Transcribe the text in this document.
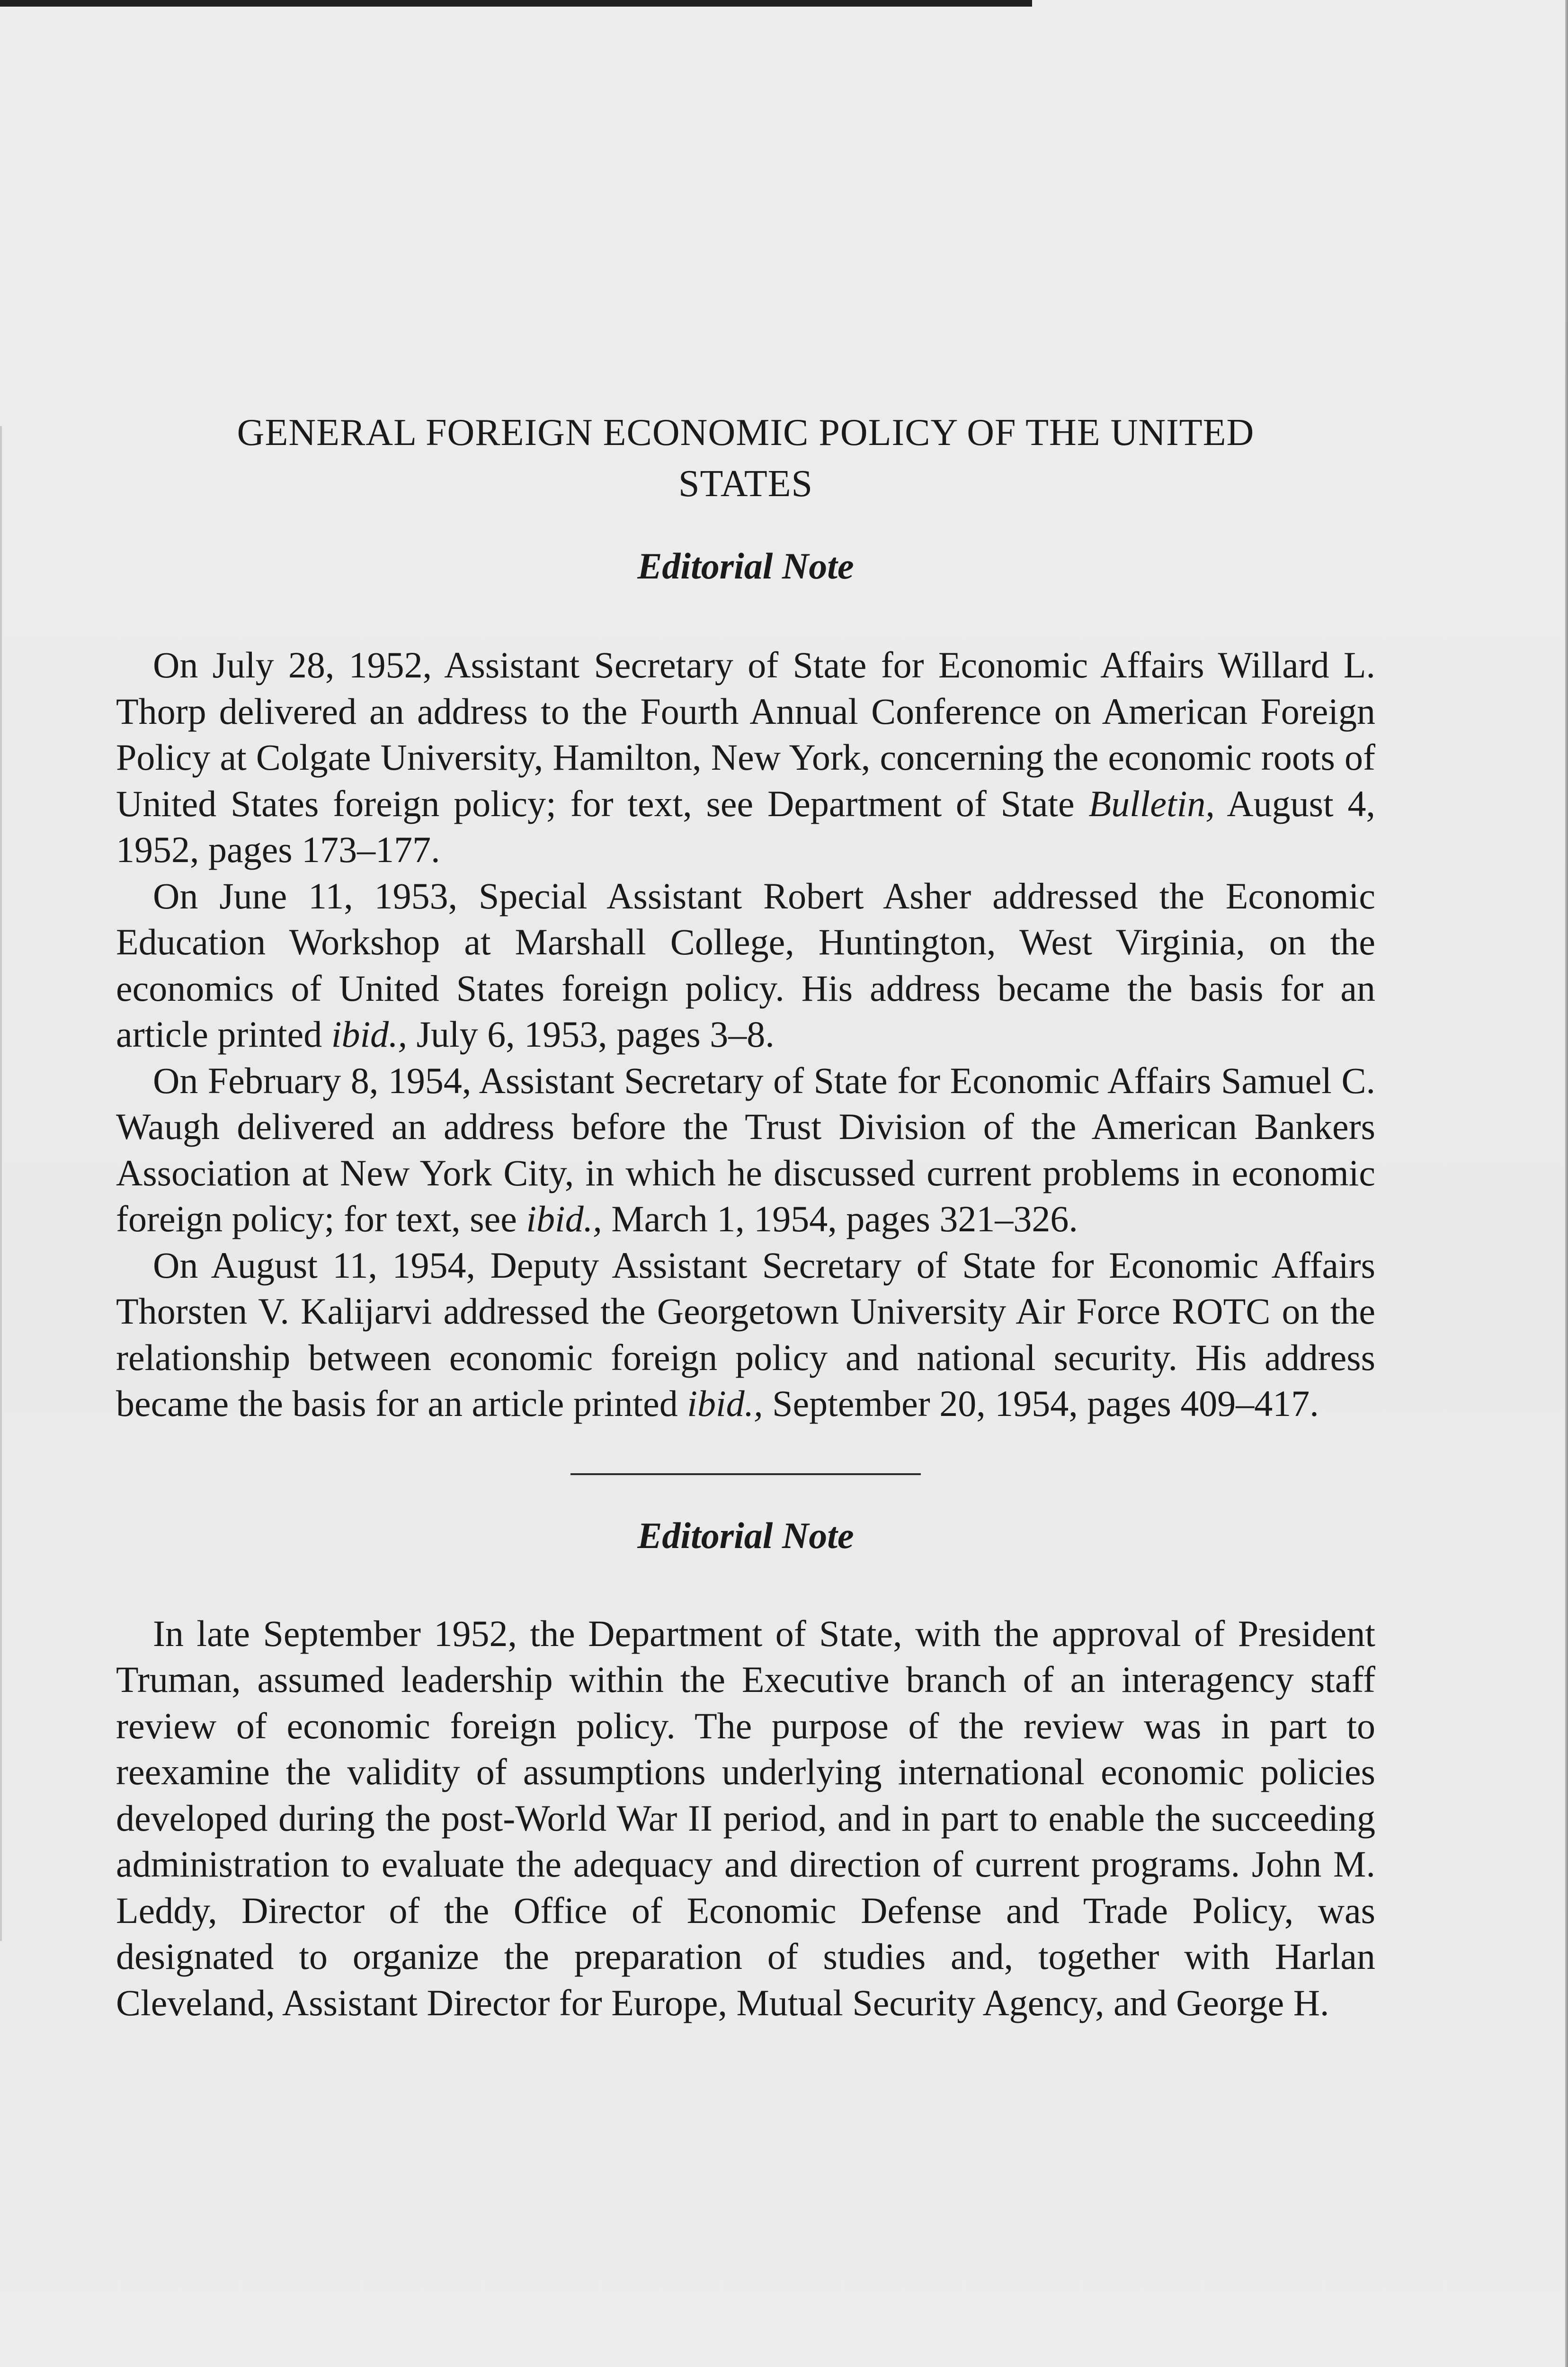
GENERAL FOREIGN ECONOMIC POLICY OF THE UNITED
STATES
Editorial Note

On July 28, 1952, Assistant Secretary of State for Economic Affairs Willard L. Thorp delivered an address to the Fourth Annual Conference on American Foreign Policy at Colgate University, Hamilton, New York, concerning the economic roots of United States foreign policy; for text, see Department of State Bulletin, August 4, 1952, pages 173–177.

On June 11, 1953, Special Assistant Robert Asher addressed the Economic Education Workshop at Marshall College, Huntington, West Virginia, on the economics of United States foreign policy. His address became the basis for an article printed ibid., July 6, 1953, pages 3–8.

On February 8, 1954, Assistant Secretary of State for Economic Affairs Samuel C. Waugh delivered an address before the Trust Division of the American Bankers Association at New York City, in which he discussed current problems in economic foreign policy; for text, see ibid., March 1, 1954, pages 321–326.

On August 11, 1954, Deputy Assistant Secretary of State for Economic Affairs Thorsten V. Kalijarvi addressed the Georgetown University Air Force ROTC on the relationship between economic foreign policy and national security. His address became the basis for an article printed ibid., September 20, 1954, pages 409–417.

Editorial Note

In late September 1952, the Department of State, with the approval of President Truman, assumed leadership within the Executive branch of an interagency staff review of economic foreign policy. The purpose of the review was in part to reexamine the validity of assumptions underlying international economic policies developed during the post-World War II period, and in part to enable the succeeding administration to evaluate the adequacy and direction of current programs. John M. Leddy, Director of the Office of Economic Defense and Trade Policy, was designated to organize the preparation of studies and, together with Harlan Cleveland, Assistant Director for Europe, Mutual Security Agency, and George H.
